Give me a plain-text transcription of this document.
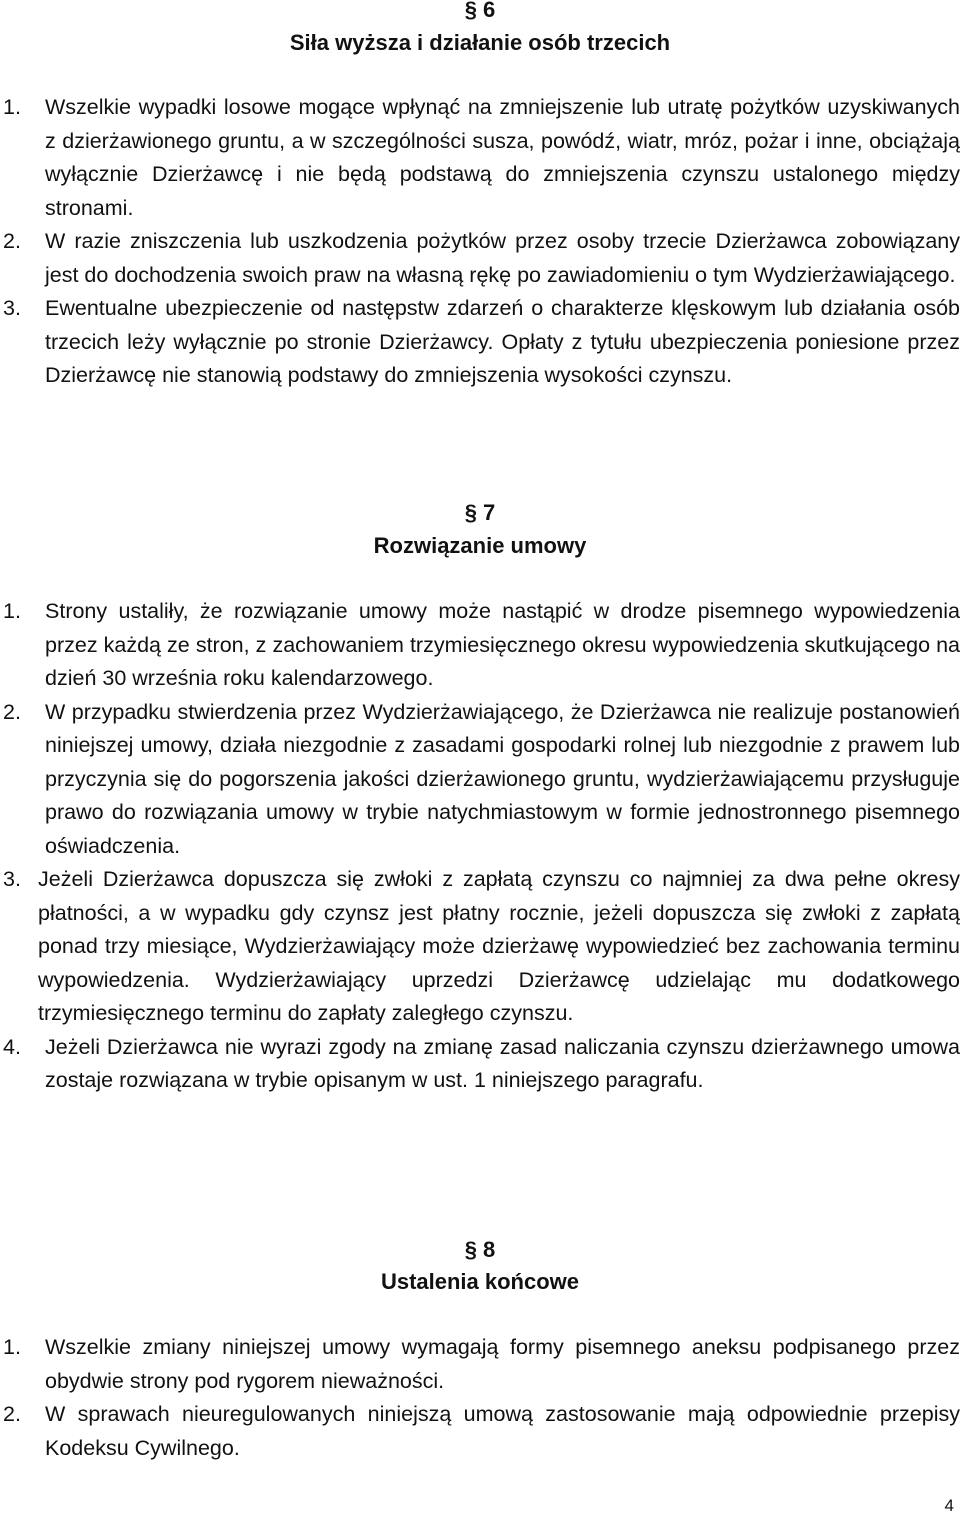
§ 6
Siła wyższa i działanie osób trzecich
1.	Wszelkie wypadki losowe mogące wpłynąć na zmniejszenie lub utratę pożytków uzyskiwanych z dzierżawionego gruntu, a w szczególności susza, powódź, wiatr, mróz, pożar i inne, obciążają wyłącznie Dzierżawcę i nie będą podstawą do zmniejszenia czynszu ustalonego między stronami.
2.	W razie zniszczenia lub uszkodzenia pożytków przez osoby trzecie Dzierżawca zobowiązany jest do dochodzenia swoich praw na własną rękę po zawiadomieniu o tym Wydzierżawiającego.
3.	Ewentualne ubezpieczenie od następstw zdarzeń o charakterze klęskowym lub działania osób trzecich leży wyłącznie po stronie Dzierżawcy. Opłaty z tytułu ubezpieczenia poniesione przez Dzierżawcę nie stanowią podstawy do zmniejszenia wysokości czynszu.
§ 7
Rozwiązanie umowy
1.	Strony ustaliły, że rozwiązanie umowy może nastąpić w drodze pisemnego wypowiedzenia przez każdą ze stron, z zachowaniem trzymiesięcznego okresu wypowiedzenia skutkującego na dzień 30 września roku kalendarzowego.
2.	W przypadku stwierdzenia przez Wydzierżawiającego, że Dzierżawca nie realizuje postanowień niniejszej umowy, działa niezgodnie z zasadami gospodarki rolnej lub niezgodnie z prawem lub przyczynia się do pogorszenia jakości dzierżawionego gruntu, wydzierżawiającemu przysługuje prawo do rozwiązania umowy w trybie natychmiastowym w formie jednostronnego pisemnego oświadczenia.
3. Jeżeli Dzierżawca dopuszcza się zwłoki z zapłatą czynszu co najmniej za dwa pełne okresy płatności, a w wypadku gdy czynsz jest płatny rocznie, jeżeli dopuszcza się zwłoki z zapłatą ponad trzy miesiące, Wydzierżawiający może dzierżawę wypowiedzieć bez zachowania terminu wypowiedzenia. Wydzierżawiający uprzedzi Dzierżawcę udzielając mu dodatkowego trzymiesięcznego terminu do zapłaty zaległego czynszu.
4.	Jeżeli Dzierżawca nie wyrazi zgody na zmianę zasad naliczania czynszu dzierżawnego umowa zostaje rozwiązana w trybie opisanym w ust. 1 niniejszego paragrafu.
§ 8
Ustalenia końcowe
1.	Wszelkie zmiany niniejszej umowy wymagają formy pisemnego aneksu podpisanego przez obydwie strony pod rygorem nieważności.
2.	W sprawach nieuregulowanych niniejszą umową zastosowanie mają odpowiednie przepisy Kodeksu Cywilnego.
4
